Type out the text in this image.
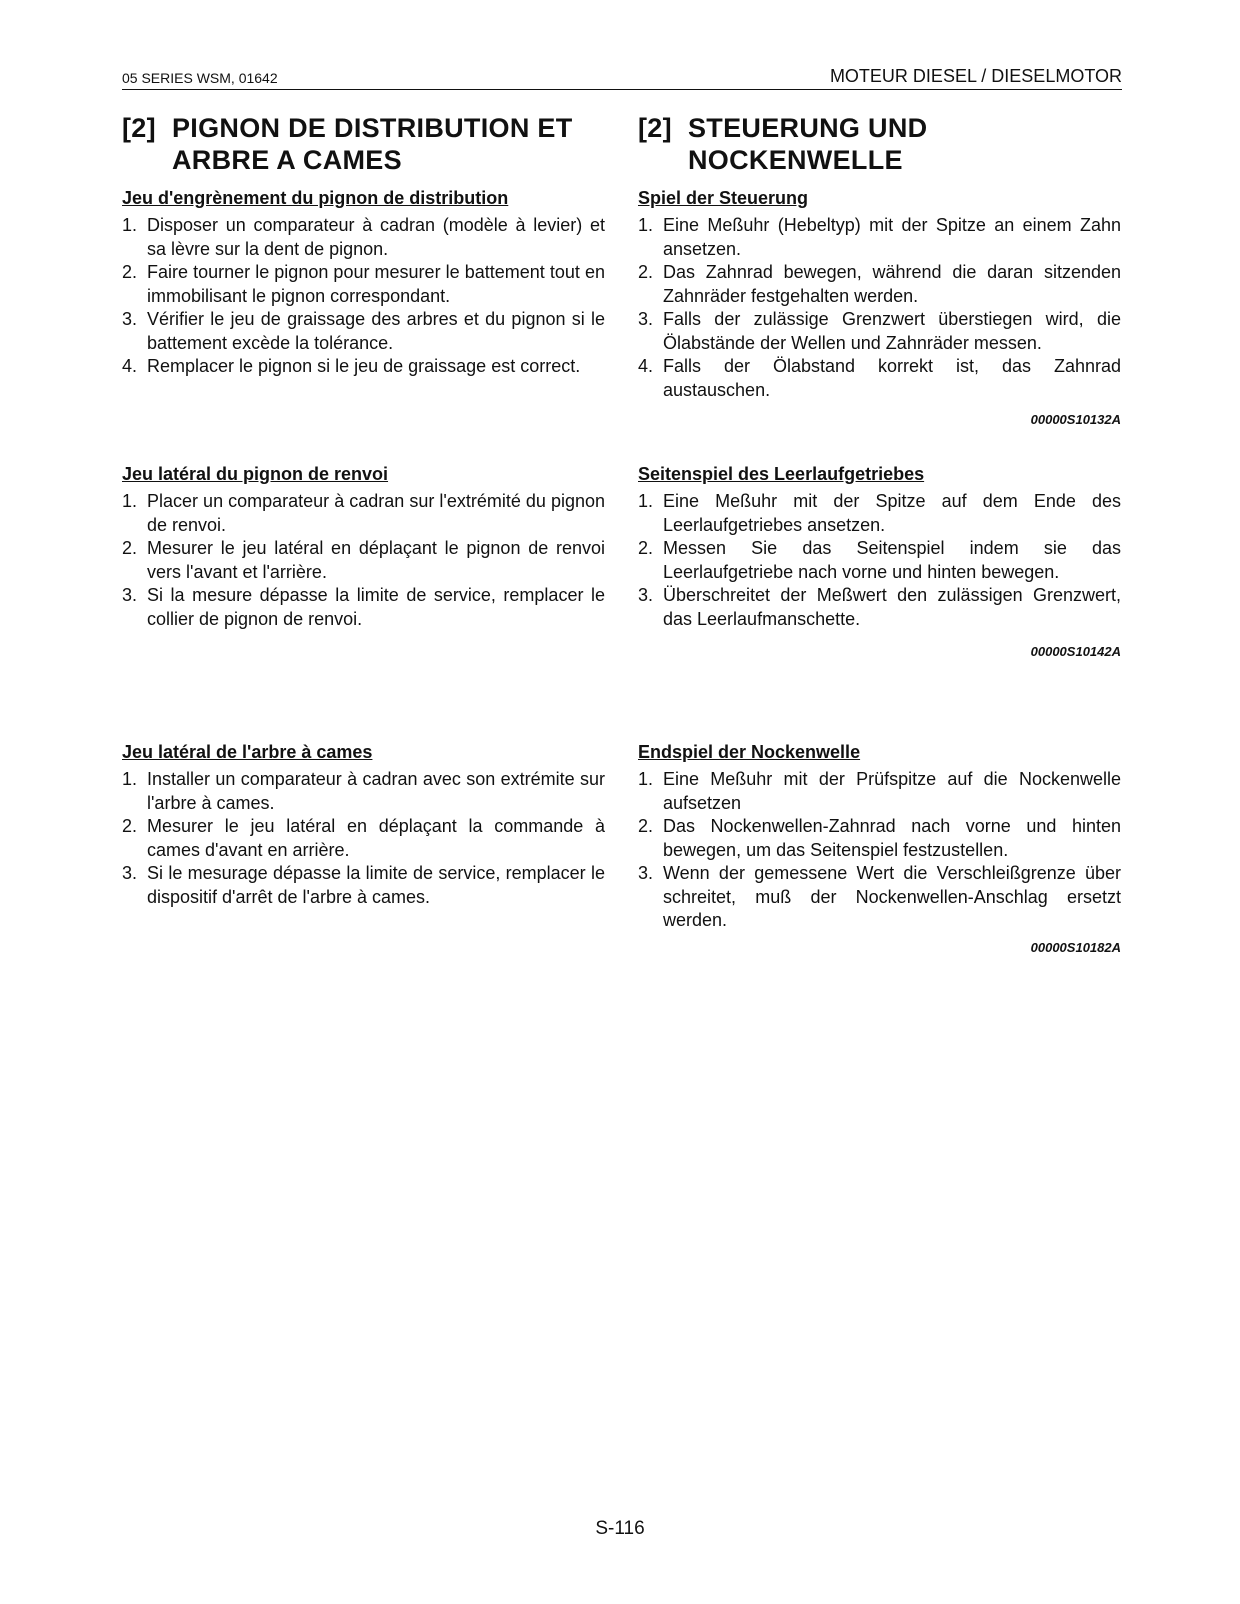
05 SERIES WSM, 01642	MOTEUR DIESEL / DIESELMOTOR
[2] PIGNON DE DISTRIBUTION ET
ARBRE A CAMES
Jeu d'engrènement du pignon de distribution
1. Disposer un comparateur à cadran (modèle à levier) et sa lèvre sur la dent de pignon.
2. Faire tourner le pignon pour mesurer le battement tout en immobilisant le pignon correspondant.
3. Vérifier le jeu de graissage des arbres et du pignon si le battement excède la tolérance.
4. Remplacer le pignon si le jeu de graissage est correct.
Jeu latéral du pignon de renvoi
1. Placer un comparateur à cadran sur l'extrémité du pignon de renvoi.
2. Mesurer le jeu latéral en déplaçant le pignon de renvoi vers l'avant et l'arrière.
3. Si la mesure dépasse la limite de service, remplacer le collier de pignon de renvoi.
Jeu latéral de l'arbre à cames
1. Installer un comparateur à cadran avec son extrémite sur l'arbre à cames.
2. Mesurer le jeu latéral en déplaçant la commande à cames d'avant en arrière.
3. Si le mesurage dépasse la limite de service, remplacer le dispositif d'arrêt de l'arbre à cames.
[2] STEUERUNG UND
NOCKENWELLE
Spiel der Steuerung
1. Eine Meßuhr (Hebeltyp) mit der Spitze an einem Zahn ansetzen.
2. Das Zahnrad bewegen, während die daran sitzenden Zahnräder festgehalten werden.
3. Falls der zulässige Grenzwert überstiegen wird, die Ölabstände der Wellen und Zahnräder messen.
4. Falls der Ölabstand korrekt ist, das Zahnrad austauschen.
00000S10132A
Seitenspiel des Leerlaufgetriebes
1. Eine Meßuhr mit der Spitze auf dem Ende des Leerlaufgetriebes ansetzen.
2. Messen Sie das Seitenspiel indem sie das Leerlaufgetriebe nach vorne und hinten bewegen.
3. Überschreitet der Meßwert den zulässigen Grenzwert, das Leerlaufmanschette.
00000S10142A
Endspiel der Nockenwelle
1. Eine Meßuhr mit der Prüfspitze auf die Nockenwelle aufsetzen
2. Das Nockenwellen-Zahnrad nach vorne und hinten bewegen, um das Seitenspiel festzustellen.
3. Wenn der gemessene Wert die Verschleißgrenze über schreitet, muß der Nockenwellen-Anschlag ersetzt werden.
00000S10182A
S-116
